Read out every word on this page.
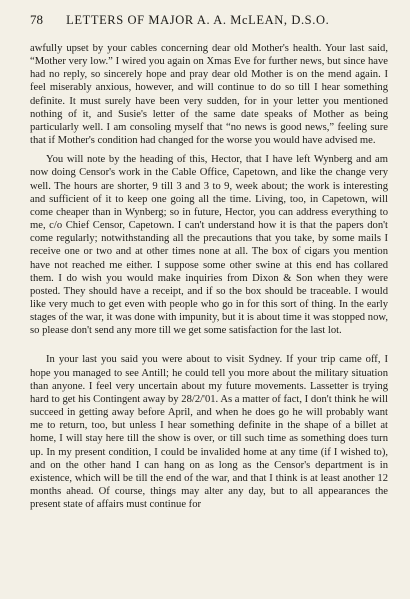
78 LETTERS OF MAJOR A. A. McLEAN, D.S.O.

awfully upset by your cables concerning dear old Mother's health. Your last said, “Mother very low.” I wired you again on Xmas Eve for further news, but since have had no reply, so sincerely hope and pray dear old Mother is on the mend again. I feel miserably anxious, however, and will continue to do so till I hear something definite. It must surely have been very sudden, for in your letter you mentioned nothing of it, and Susie's letter of the same date speaks of Mother as being particularly well. I am consoling myself that “no news is good news,” feeling sure that if Mother's condition had changed for the worse you would have advised me.

You will note by the heading of this, Hector, that I have left Wynberg and am now doing Censor's work in the Cable Office, Capetown, and like the change very well. The hours are shorter, 9 till 3 and 3 to 9, week about; the work is interesting and sufficient of it to keep one going all the time. Living, too, in Capetown, will come cheaper than in Wynberg; so in future, Hector, you can address everything to me, c/o Chief Censor, Capetown. I can't understand how it is that the papers don't come regularly; notwithstanding all the precautions that you take, by some mails I receive one or two and at other times none at all. The box of cigars you mention have not reached me either. I suppose some other swine at this end has collared them. I do wish you would make inquiries from Dixon & Son when they were posted. They should have a receipt, and if so the box should be traceable. I would like very much to get even with people who go in for this sort of thing. In the early stages of the war, it was done with impunity, but it is about time it was stopped now, so please don't send any more till we get some satisfaction for the last lot.

In your last you said you were about to visit Sydney. If your trip came off, I hope you managed to see Antill; he could tell you more about the military situation than anyone. I feel very uncertain about my future movements. Lassetter is trying hard to get his Contingent away by 28/2/'01. As a matter of fact, I don't think he will succeed in getting away before April, and when he does go he will probably want me to return, too, but unless I hear something definite in the shape of a billet at home, I will stay here till the show is over, or till such time as something does turn up. In my present condition, I could be invalided home at any time (if I wished to), and on the other hand I can hang on as long as the Censor's department is in existence, which will be till the end of the war, and that I think is at least another 12 months ahead. Of course, things may alter any day, but to all appearances the present state of affairs must continue for
